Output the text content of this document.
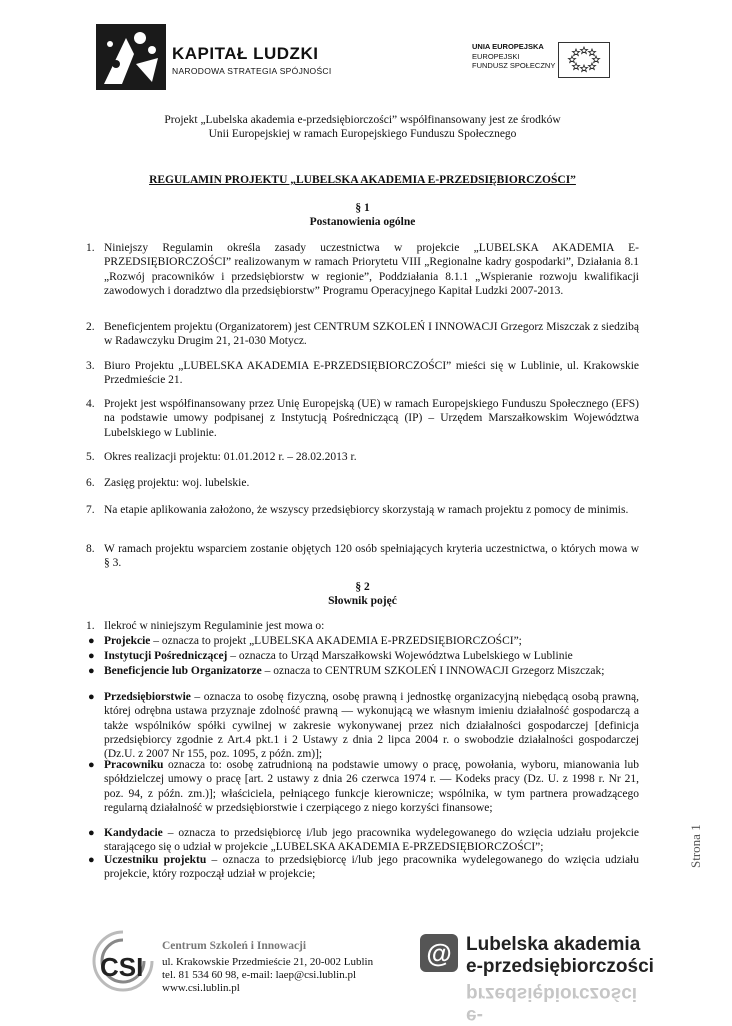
KAPITAŁ LUDZKI
NARODOWA STRATEGIA SPÓJNOŚCI
UNIA EUROPEJSKA
EUROPEJSKI
FUNDUSZ SPOŁECZNY
Projekt „Lubelska akademia e-przedsiębiorczości” współfinansowany jest ze środków
Unii Europejskiej w ramach Europejskiego Funduszu Społecznego
REGULAMIN PROJEKTU „LUBELSKA AKADEMIA E-PRZEDSIĘBIORCZOŚCI”
§ 1
Postanowienia ogólne
1. Niniejszy Regulamin określa zasady uczestnictwa w projekcie „LUBELSKA AKADEMIA E-PRZEDSIĘBIORCZOŚCI” realizowanym w ramach Priorytetu VIII „Regionalne kadry gospodarki”, Działania 8.1 „Rozwój pracowników i przedsiębiorstw w regionie”, Poddziałania 8.1.1 „Wspieranie rozwoju kwalifikacji zawodowych i doradztwo dla przedsiębiorstw” Programu Operacyjnego Kapitał Ludzki 2007-2013.
2. Beneficjentem projektu (Organizatorem) jest CENTRUM SZKOLEŃ I INNOWACJI Grzegorz Miszczak z siedzibą w Radawczyku Drugim 21, 21-030 Motycz.
3. Biuro Projektu „LUBELSKA AKADEMIA E-PRZEDSIĘBIORCZOŚCI” mieści się w Lublinie, ul. Krakowskie Przedmieście 21.
4. Projekt jest współfinansowany przez Unię Europejską (UE) w ramach Europejskiego Funduszu Społecznego (EFS) na podstawie umowy podpisanej z Instytucją Pośredniczącą (IP) – Urzędem Marszałkowskim Województwa Lubelskiego w Lublinie.
5. Okres realizacji projektu: 01.01.2012 r. – 28.02.2013 r.
6. Zasięg projektu: woj. lubelskie.
7. Na etapie aplikowania założono, że wszyscy przedsiębiorcy skorzystają w ramach projektu z pomocy de minimis.
8. W ramach projektu wsparciem zostanie objętych 120 osób spełniających kryteria uczestnictwa, o których mowa w § 3.
§ 2
Słownik pojęć
1. Ilekroć w niniejszym Regulaminie jest mowa o:
● Projekcie – oznacza to projekt „LUBELSKA AKADEMIA E-PRZEDSIĘBIORCZOŚCI”;
● Instytucji Pośredniczącej – oznacza to Urząd Marszałkowski Województwa Lubelskiego w Lublinie
● Beneficjencie lub Organizatorze – oznacza to CENTRUM SZKOLEŃ I INNOWACJI Grzegorz Miszczak;
● Przedsiębiorstwie – oznacza to osobę fizyczną, osobę prawną i jednostkę organizacyjną niebędącą osobą prawną, której odrębna ustawa przyznaje zdolność prawną — wykonującą we własnym imieniu działalność gospodarczą a także wspólników spółki cywilnej w zakresie wykonywanej przez nich działalności gospodarczej [definicja przedsiębiorcy zgodnie z Art.4 pkt.1 i 2 Ustawy z dnia 2 lipca 2004 r. o swobodzie działalności gospodarczej (Dz.U. z 2007 Nr 155, poz. 1095, z późn. zm)];
● Pracowniku oznacza to: osobę zatrudnioną na podstawie umowy o pracę, powołania, wyboru, mianowania lub spółdzielczej umowy o pracę [art. 2 ustawy z dnia 26 czerwca 1974 r. — Kodeks pracy (Dz. U. z 1998 r. Nr 21, poz. 94, z późn. zm.)]; właściciela, pełniącego funkcje kierownicze; wspólnika, w tym partnera prowadzącego regularną działalność w przedsiębiorstwie i czerpiącego z niego korzyści finansowe;
● Kandydacie – oznacza to przedsiębiorcę i/lub jego pracownika wydelegowanego do wzięcia udziału projekcie starającego się o udział w projekcie „LUBELSKA AKADEMIA E-PRZEDSIĘBIORCZOŚCI”;
● Uczestniku projektu – oznacza to przedsiębiorcę i/lub jego pracownika wydelegowanego do wzięcia udziału projekcie, który rozpoczął udział w projekcie;
Strona 1
CSI
Centrum Szkoleń i Innowacji
ul. Krakowskie Przedmieście 21, 20-002 Lublin
tel. 81 534 60 98, e-mail: laep@csi.lublin.pl
www.csi.lublin.pl
@ Lubelska akademia
e-przedsiębiorczości
e-przedsiębiorczości
